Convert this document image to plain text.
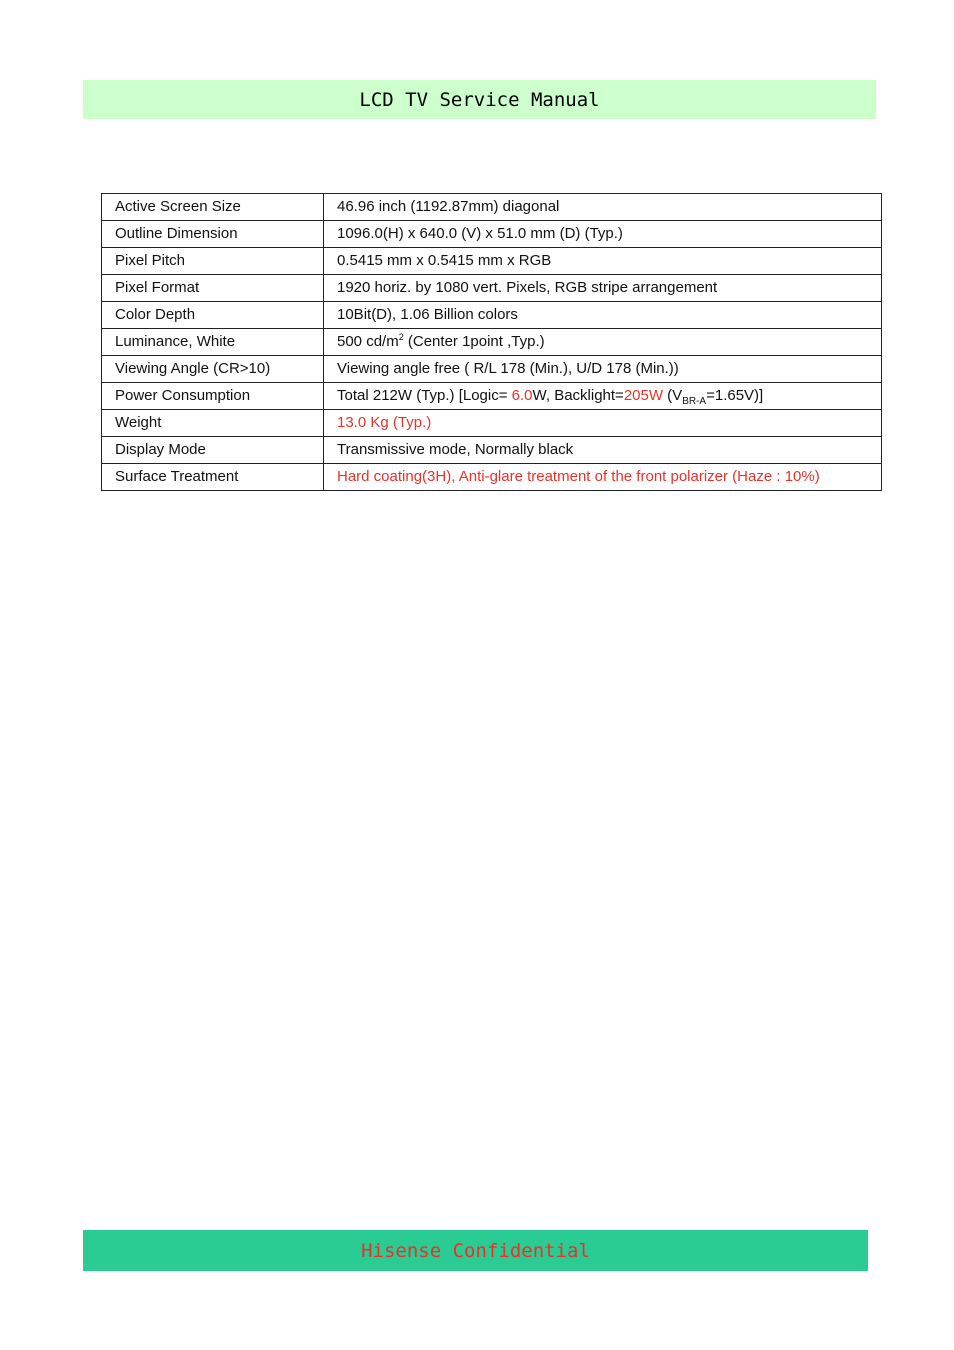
LCD TV Service Manual
Active Screen Size	46.96 inch (1192.87mm) diagonal
Outline Dimension	1096.0(H) x 640.0 (V) x 51.0 mm (D) (Typ.)
Pixel Pitch	0.5415 mm x 0.5415 mm x RGB
Pixel Format	1920 horiz. by 1080 vert. Pixels, RGB stripe arrangement
Color Depth	10Bit(D), 1.06 Billion colors
Luminance, White	500 $cd/m^2$ (Center 1point ,Typ.)
Viewing Angle (CR>10)	Viewing angle free ( R/L 178 (Min.), U/D 178 (Min.))
Power Consumption	Total 212W (Typ.) [Logic= 6.0W, Backlight=205W $(V_{BR-A}=1.65V)$]
Weight	13.0 Kg (Typ.)
Display Mode	Transmissive mode, Normally black
Surface Treatment	Hard coating(3H), Anti-glare treatment of the front polarizer (Haze : 10%)
Hisense Confidential
